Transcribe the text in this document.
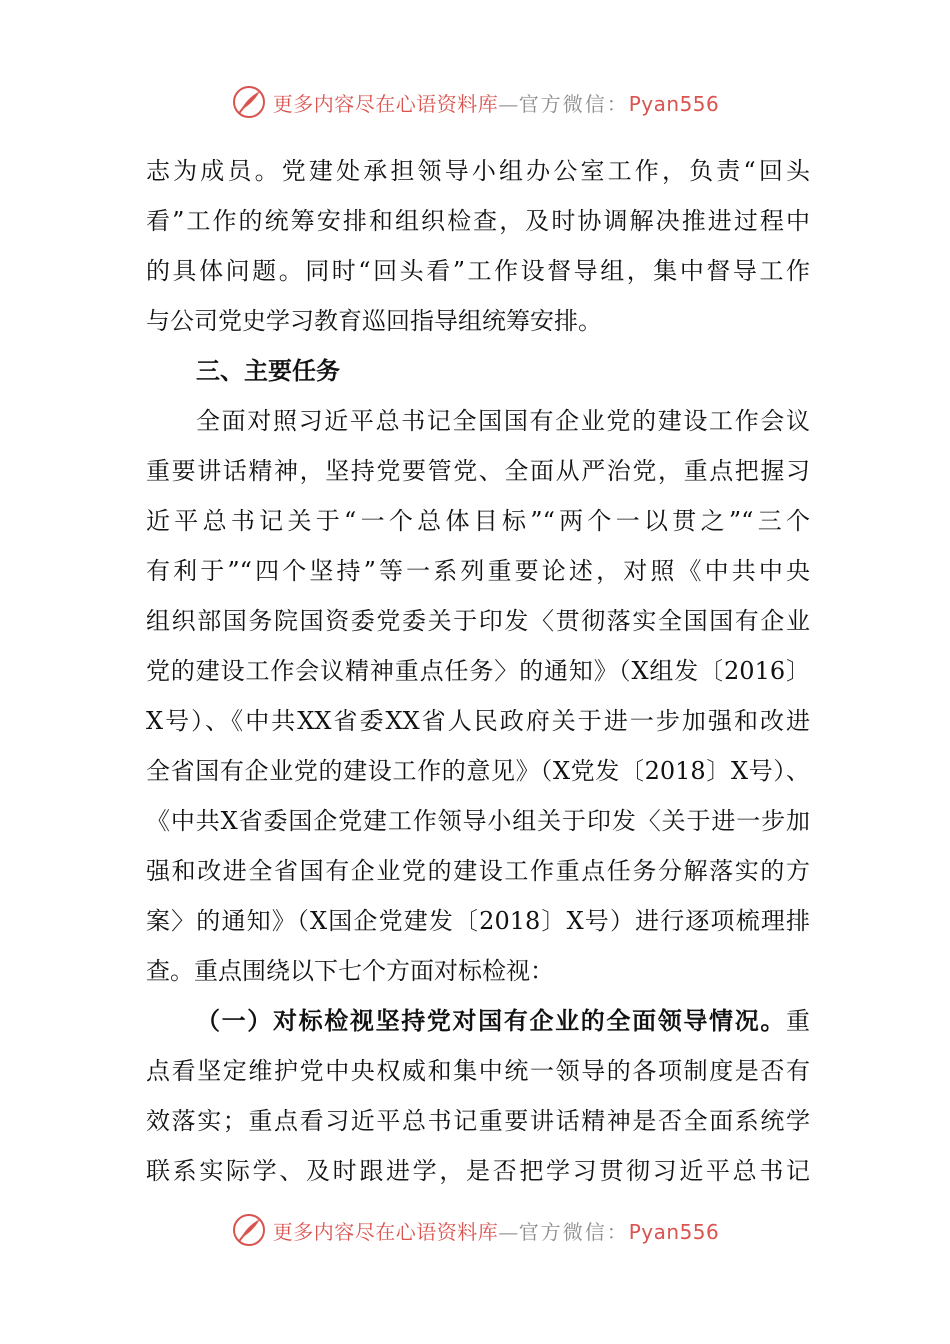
更多内容尽在心语资料库—官方微信：Pyan556
志为成员。党建处承担领导小组办公室工作，负责“回头
看”工作的统筹安排和组织检查，及时协调解决推进过程中
的具体问题。同时“回头看”工作设督导组，集中督导工作
与公司党史学习教育巡回指导组统筹安排。
三、主要任务
全面对照习近平总书记全国国有企业党的建设工作会议
重要讲话精神，坚持党要管党、全面从严治党，重点把握习
近平总书记关于“一个总体目标”“两个一以贯之”“三个
有利于”“四个坚持”等一系列重要论述，对照《中共中央
组织部国务院国资委党委关于印发〈贯彻落实全国国有企业
党的建设工作会议精神重点任务〉的通知》（X组发〔2016〕
X号）、《中共XX省委XX省人民政府关于进一步加强和改进
全省国有企业党的建设工作的意见》（X党发〔2018〕X号）、
《中共X省委国企党建工作领导小组关于印发〈关于进一步加
强和改进全省国有企业党的建设工作重点任务分解落实的方
案〉的通知》（X国企党建发〔2018〕X号）进行逐项梳理排
查。重点围绕以下七个方面对标检视：
（一）对标检视坚持党对国有企业的全面领导情况。重
点看坚定维护党中央权威和集中统一领导的各项制度是否有
效落实；重点看习近平总书记重要讲话精神是否全面系统学
联系实际学、及时跟进学，是否把学习贯彻习近平总书记
更多内容尽在心语资料库—官方微信：Pyan556
